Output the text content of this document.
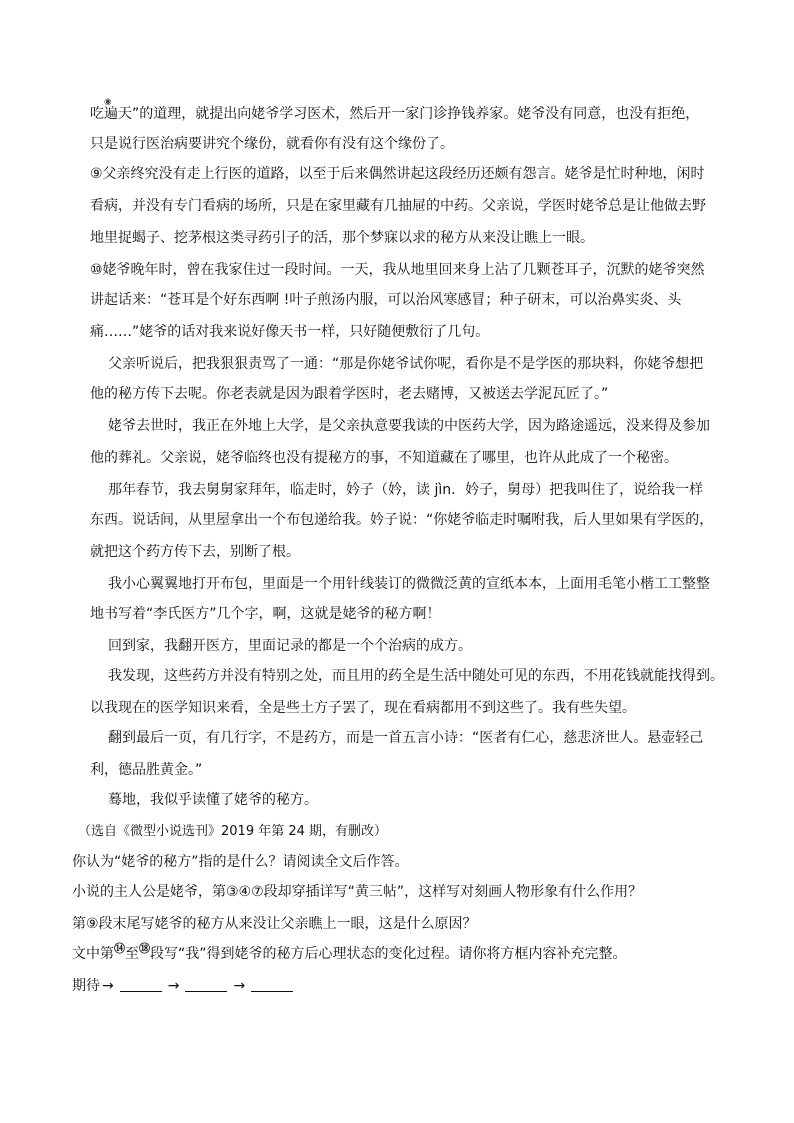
⑧
吃遍天”的道理，就提出向姥爷学习医术，然后开一家门诊挣钱养家。姥爷没有同意，也没有拒绝，
只是说行医治病要讲究个缘份，就看你有没有这个缘份了。
⑨父亲终究没有走上行医的道路，以至于后来偶然讲起这段经历还颇有怨言。姥爷是忙时种地，闲时
看病，并没有专门看病的场所，只是在家里藏有几抽屉的中药。父亲说，学医时姥爷总是让他做去野
地里捉蝎子、挖茅根这类寻药引子的活，那个梦寐以求的秘方从来没让瞧上一眼。
⑩姥爷晚年时，曾在我家住过一段时间。一天，我从地里回来身上沾了几颗苍耳子，沉默的姥爷突然
讲起话来：“苍耳是个好东西啊 !叶子煎汤内服，可以治风寒感冒；种子研末，可以治鼻实炎、头
痛……”姥爷的话对我来说好像天书一样，只好随便敷衍了几句。
父亲听说后，把我狠狠责骂了一通：“那是你姥爷试你呢，看你是不是学医的那块料，你姥爷想把
他的秘方传下去呢。你老表就是因为跟着学医时，老去赌博，又被送去学泥瓦匠了。”
姥爷去世时，我正在外地上大学，是父亲执意要我读的中医药大学，因为路途遥远，没来得及参加
他的葬礼。父亲说，姥爷临终也没有提秘方的事，不知道藏在了哪里，也许从此成了一个秘密。
那年春节，我去舅舅家拜年，临走时，妗子（妗，读 jìn．妗子，舅母）把我叫住了，说给我一样
东西。说话间，从里屋拿出一个布包递给我。妗子说：“你姥爷临走时嘱咐我，后人里如果有学医的，
就把这个药方传下去，别断了根。
我小心翼翼地打开布包，里面是一个用针线装订的微微泛黄的宣纸本本，上面用毛笔小楷工工整整
地书写着“李氏医方”几个字，啊，这就是姥爷的秘方啊！
回到家，我翻开医方，里面记录的都是一个个治病的成方。
我发现，这些药方并没有特别之处，而且用的药全是生活中随处可见的东西，不用花钱就能找得到。
以我现在的医学知识来看，全是些土方子罢了，现在看病都用不到这些了。我有些失望。
翻到最后一页，有几行字，不是药方，而是一首五言小诗：“医者有仁心，慈悲济世人。悬壶轻己
利，德品胜黄金。”
蓦地，我似乎读懂了姥爷的秘方。
（选自《微型小说选刊》2019 年第 24 期，有删改）
你认为“姥爷的秘方”指的是什么？请阅读全文后作答。
小说的主人公是姥爷，第③④⑦段却穿插详写“黄三帖”，这样写对刻画人物形象有什么作用？
第⑨段末尾写姥爷的秘方从来没让父亲瞧上一眼，这是什么原因？
文中第⑭至⑱段写“我”得到姥爷的秘方后心理状态的变化过程。请你将方框内容补充完整。
期待 →	→	→
